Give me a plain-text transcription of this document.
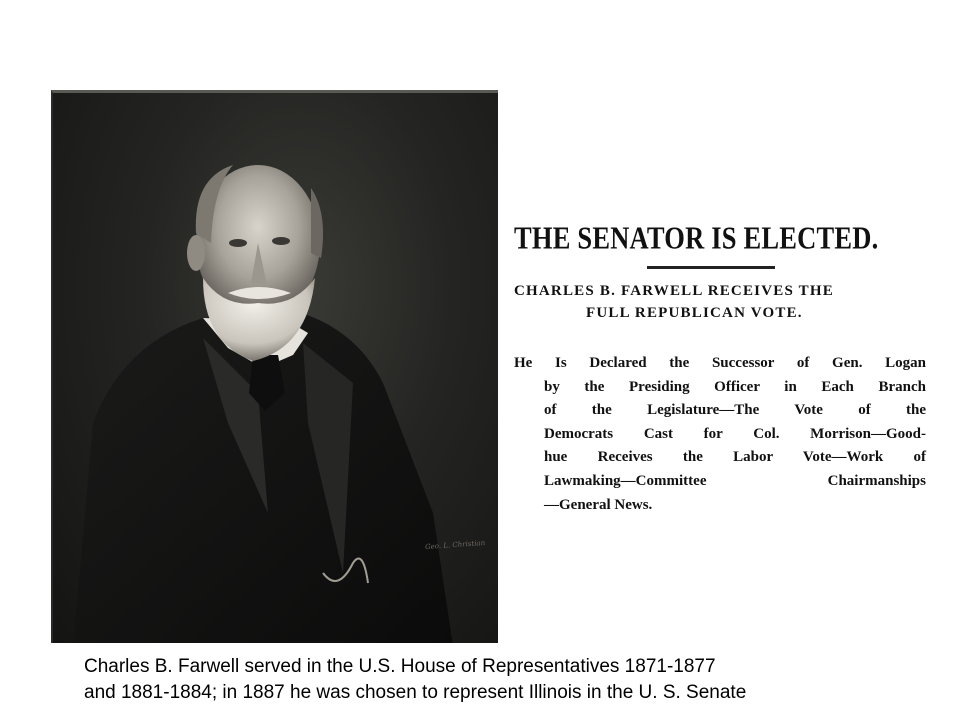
Geo. L. Christian
THE SENATOR IS ELECTED.
CHARLES B. FARWELL RECEIVES THE
FULL REPUBLICAN VOTE.
He Is Declared the Successor of Gen. Logan
by the Presiding Officer in Each Branch
of the Legislature—The Vote of the
Democrats Cast for Col. Morrison—Good-
hue Receives the Labor Vote—Work of
Lawmaking—Committee Chairmanships
—General News.
Charles B. Farwell served in the U.S. House of Representatives 1871-1877
and 1881-1884; in 1887 he was chosen to represent Illinois in the U. S. Senate
